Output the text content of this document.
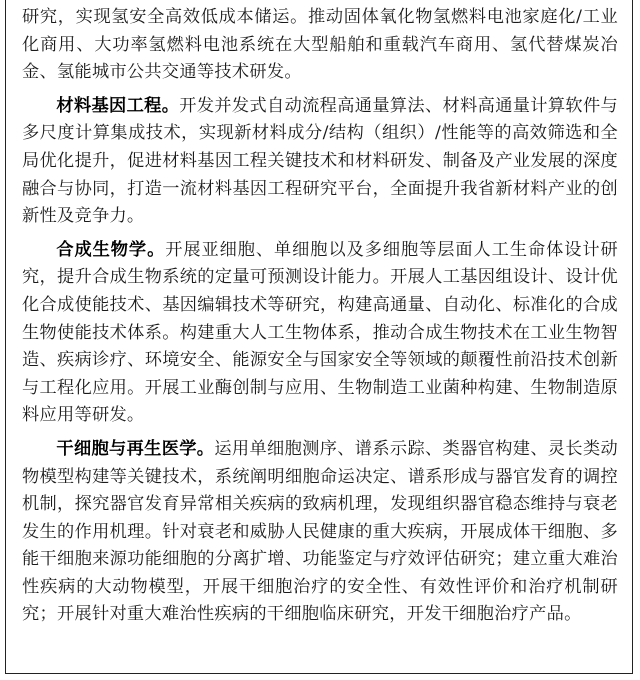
研究，实现氢安全高效低成本储运。推动固体氧化物氢燃料电池家庭化/工业化商用、大功率氢燃料电池系统在大型船舶和重载汽车商用、氢代替煤炭冶金、氢能城市公共交通等技术研发。

材料基因工程。开发并发式自动流程高通量算法、材料高通量计算软件与多尺度计算集成技术，实现新材料成分/结构（组织）/性能等的高效筛选和全局优化提升，促进材料基因工程关键技术和材料研发、制备及产业发展的深度融合与协同，打造一流材料基因工程研究平台，全面提升我省新材料产业的创新性及竞争力。

合成生物学。开展亚细胞、单细胞以及多细胞等层面人工生命体设计研究，提升合成生物系统的定量可预测设计能力。开展人工基因组设计、设计优化合成使能技术、基因编辑技术等研究，构建高通量、自动化、标准化的合成生物使能技术体系。构建重大人工生物体系，推动合成生物技术在工业生物智造、疾病诊疗、环境安全、能源安全与国家安全等领域的颠覆性前沿技术创新与工程化应用。开展工业酶创制与应用、生物制造工业菌种构建、生物制造原料应用等研发。

干细胞与再生医学。运用单细胞测序、谱系示踪、类器官构建、灵长类动物模型构建等关键技术，系统阐明细胞命运决定、谱系形成与器官发育的调控机制，探究器官发育异常相关疾病的致病机理，发现组织器官稳态维持与衰老发生的作用机理。针对衰老和威胁人民健康的重大疾病，开展成体干细胞、多能干细胞来源功能细胞的分离扩增、功能鉴定与疗效评估研究；建立重大难治性疾病的大动物模型，开展干细胞治疗的安全性、有效性评价和治疗机制研究；开展针对重大难治性疾病的干细胞临床研究，开发干细胞治疗产品。
